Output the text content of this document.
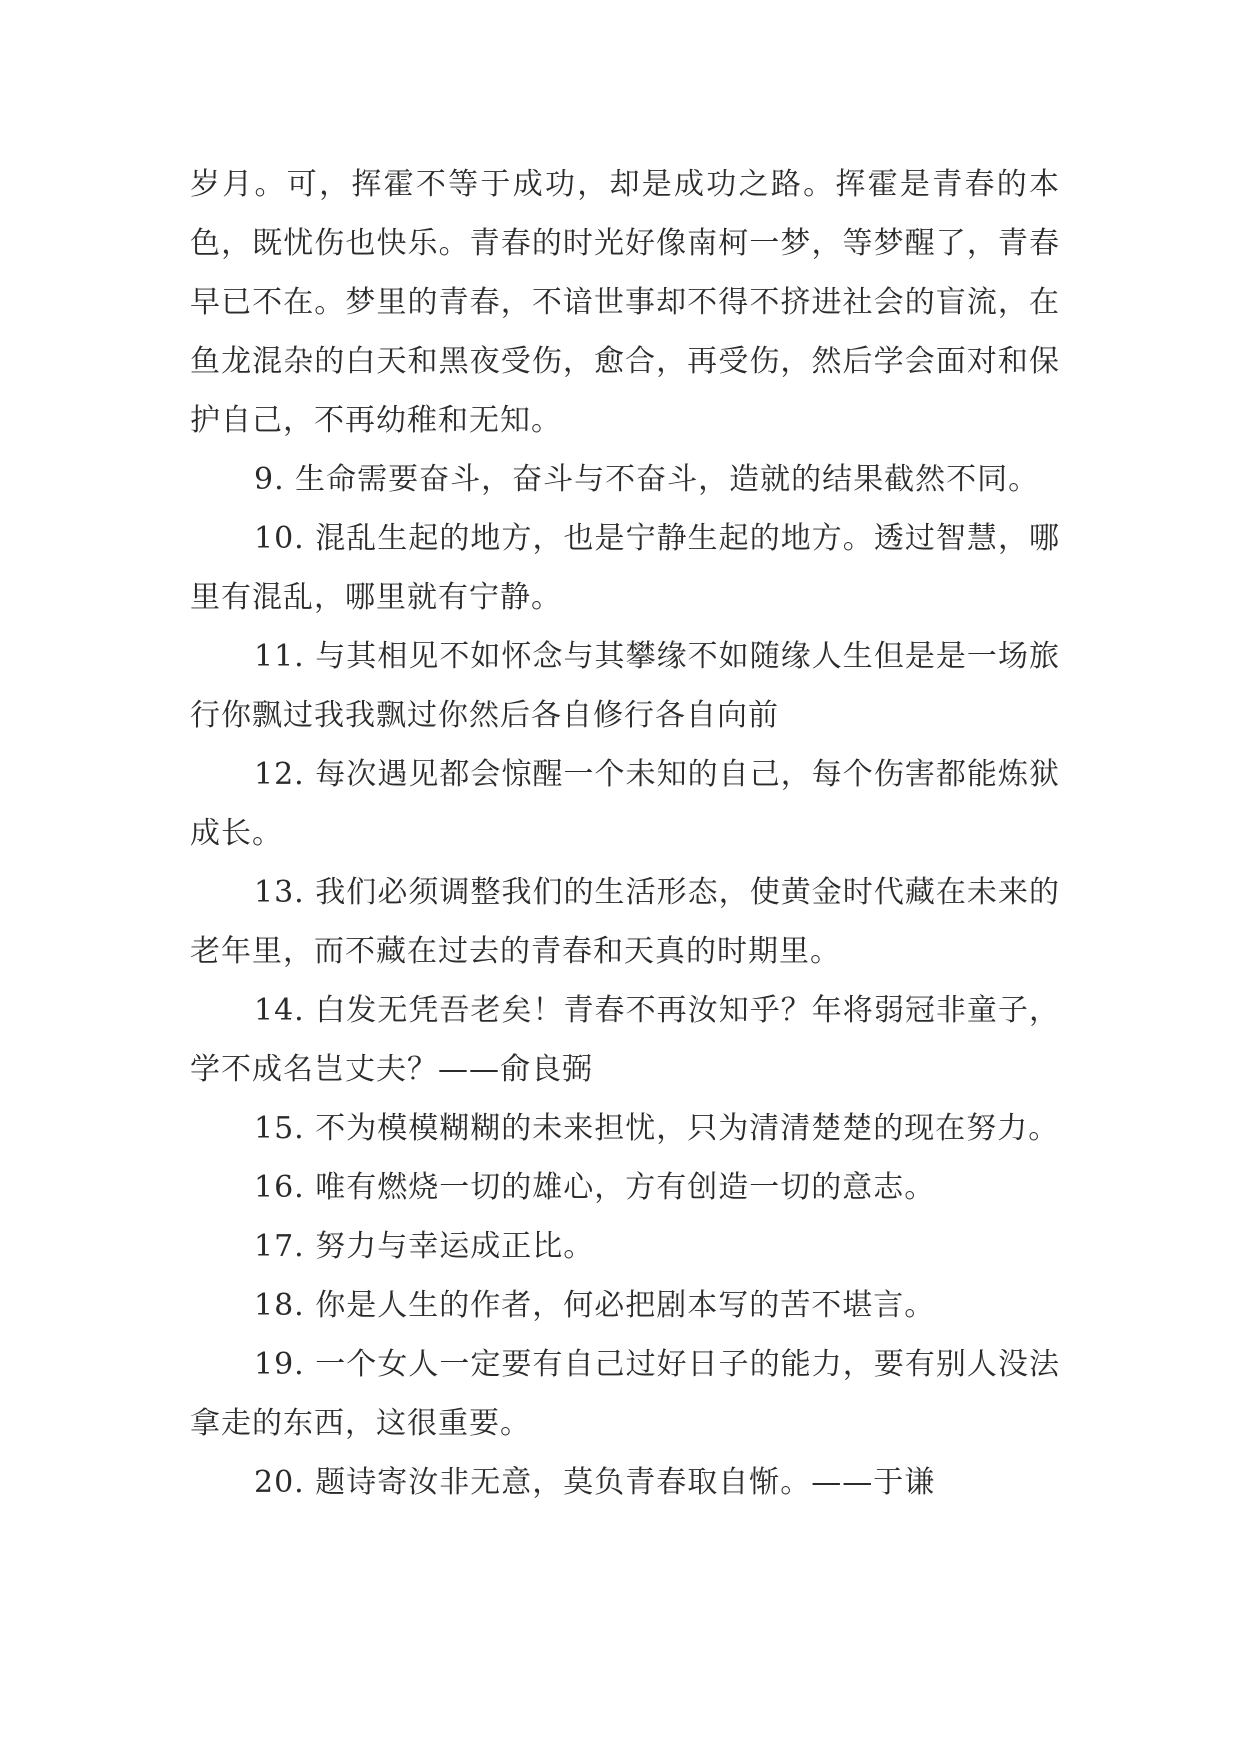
岁月。可，挥霍不等于成功，却是成功之路。挥霍是青春的本色，既忧伤也快乐。青春的时光好像南柯一梦，等梦醒了，青春早已不在。梦里的青春，不谙世事却不得不挤进社会的盲流，在鱼龙混杂的白天和黑夜受伤，愈合，再受伤，然后学会面对和保护自己，不再幼稚和无知。

9. 生命需要奋斗，奋斗与不奋斗，造就的结果截然不同。

10. 混乱生起的地方，也是宁静生起的地方。透过智慧，哪里有混乱，哪里就有宁静。

11. 与其相见不如怀念与其攀缘不如随缘人生但是是一场旅行你飘过我我飘过你然后各自修行各自向前

12. 每次遇见都会惊醒一个未知的自己，每个伤害都能炼狱成长。

13. 我们必须调整我们的生活形态，使黄金时代藏在未来的老年里，而不藏在过去的青春和天真的时期里。

14. 白发无凭吾老矣！青春不再汝知乎？年将弱冠非童子，学不成名岂丈夫？——俞良弼

15. 不为模模糊糊的未来担忧，只为清清楚楚的现在努力。

16. 唯有燃烧一切的雄心，方有创造一切的意志。

17. 努力与幸运成正比。

18. 你是人生的作者，何必把剧本写的苦不堪言。

19. 一个女人一定要有自己过好日子的能力，要有别人没法拿走的东西，这很重要。

20. 题诗寄汝非无意，莫负青春取自惭。——于谦
